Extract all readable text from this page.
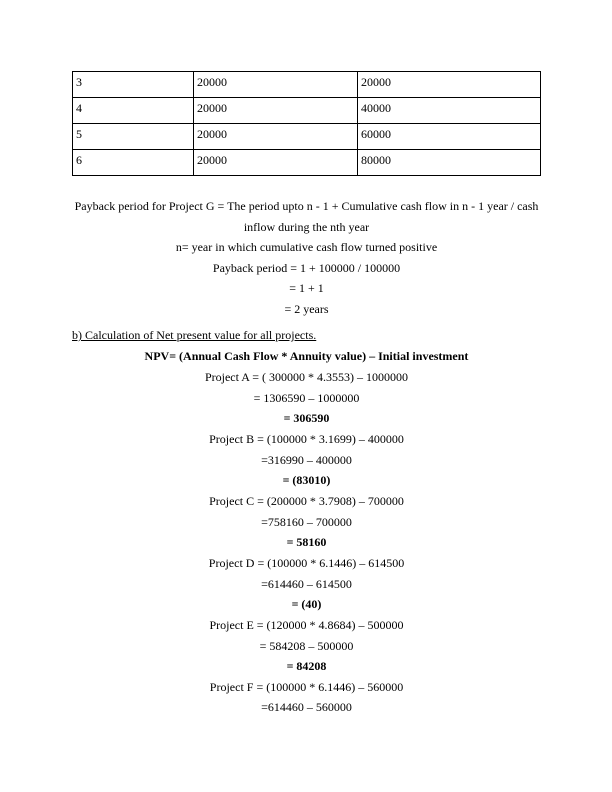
3	20000	20000
4	20000	40000
5	20000	60000
6	20000	80000
Payback period for Project G = The period upto n - 1 + Cumulative cash flow in n - 1 year / cash
inflow during the nth year
n= year in which cumulative cash flow turned positive
Payback period = 1 + 100000 / 100000
= 1 + 1
= 2 years
b) Calculation of Net present value for all projects.
NPV= (Annual Cash Flow * Annuity value) – Initial investment
Project A = ( 300000 * 4.3553) – 1000000
= 1306590 – 1000000
= 306590
Project B = (100000 * 3.1699) – 400000
=316990 – 400000
= (83010)
Project C = (200000 * 3.7908) – 700000
=758160 – 700000
= 58160
Project D = (100000 * 6.1446) – 614500
=614460 – 614500
= (40)
Project E = (120000 * 4.8684) – 500000
= 584208 – 500000
= 84208
Project F = (100000 * 6.1446) – 560000
=614460 – 560000
